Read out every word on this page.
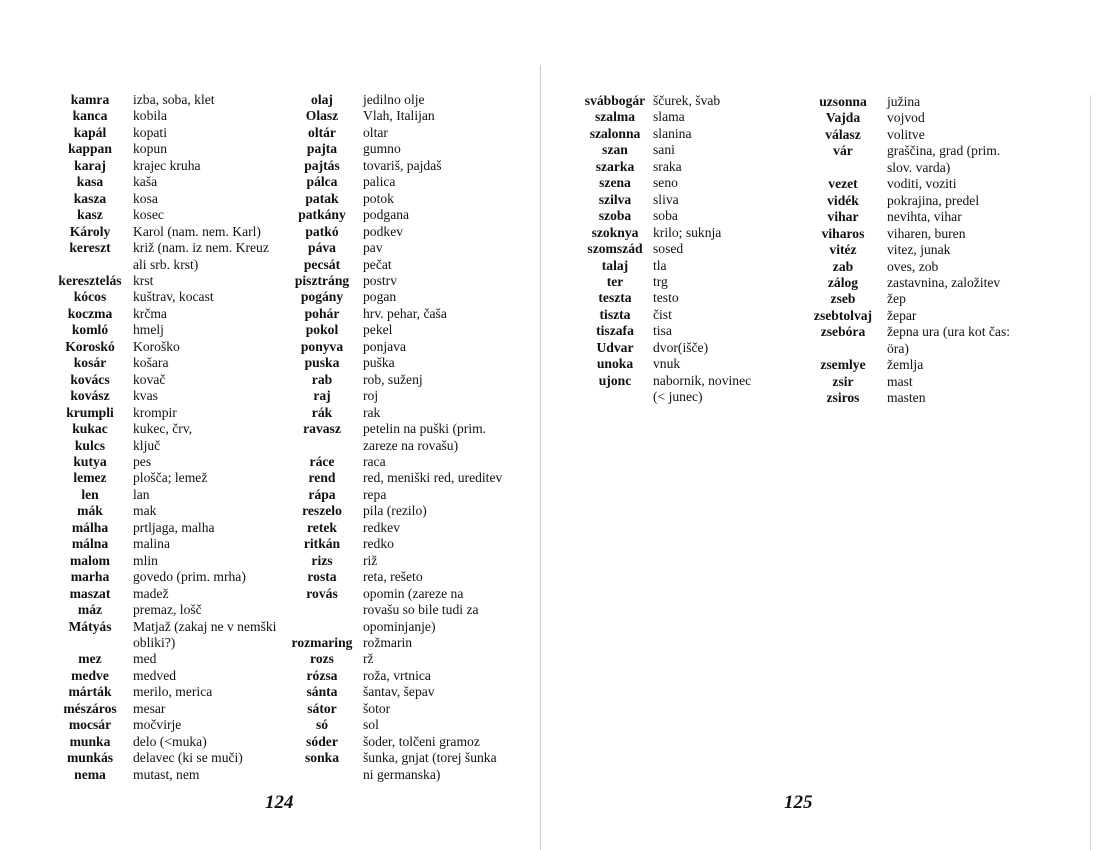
kamra	izba, soba, klet
kanca	kobila
kapál	kopati
kappan	kopun
karaj	krajec kruha
kasa	kaša
kasza	kosa
kasz	kosec
Károly	Karol (nam. nem. Karl)
kereszt	križ (nam. iz nem. Kreuz
ali srb. krst)
keresztelás krst
kócos	kuštrav, kocast
koczma	krčma
komló	hmelj
Koroskó	Koroško
kosár	košara
kovács	kovač
kovász	kvas
krumpli	krompir
kukac	kukec, črv,
kulcs	ključ
kutya	pes
lemez	plošča; lemež
len	lan
mák	mak
málha	prtljaga, malha
málna	malina
malom	mlin
marha	govedo (prim. mrha)
maszat	madež
máz	premaz, lošč
Mátyás	Matjaž (zakaj ne v nemški
obliki?)
mez	med
medve	medved
márták	merilo, merica
mészáros	mesar
mocsár	močvirje
munka	delo (<muka)
munkás	delavec (ki se muči)
nema	mutast, nem
olaj	jedilno olje
Olasz	Vlah, Italijan
oltár	oltar
pajta	gumno
pajtás	tovariš, pajdaš
pálca	palica
patak	potok
patkány	podgana
patkó	podkev
páva	pav
pecsát	pečat
pisztráng	postrv
pogány	pogan
pohár	hrv. pehar, čaša
pokol	pekel
ponyva	ponjava
puska	puška
rab	rob, suženj
raj	roj
rák	rak
ravasz	petelin na puški (prim.
zareze na rovašu)
ráce	raca
rend	red, meniški red, ureditev
rápa	repa
reszelo	pila (rezilo)
retek	redkev
ritkán	redko
rizs	riž
rosta	reta, rešeto
rovás	opomin (zareze na
rovašu so bile tudi za
opominjanje)
rozmaring rožmarin
rozs	rž
rózsa	roža, vrtnica
sánta	šantav, šepav
sátor	šotor
só	sol
sóder	šoder, tolčeni gramoz
sonka	šunka, gnjat (torej šunka
ni germanska)
124
svábbogár ščurek, švab
szalma	slama
szalonna slanina
szan	sani
szarka	sraka
szena	seno
szilva	sliva
szoba	soba
szoknya	krilo; suknja
szomszád sosed
talaj	tla
ter	trg
teszta	testo
tiszta	čist
tiszafa	tisa
Udvar	dvor(išče)
unoka	vnuk
ujonc	nabornik, novinec
(< junec)
uzsonna	južina
Vajda	vojvod
válasz	volitve
vár	graščina, grad (prim.
slov. varda)
vezet	voditi, voziti
vidék	pokrajina, predel
vihar	nevihta, vihar
viharos	viharen, buren
vitéz	vitez, junak
zab	oves, zob
zálog	zastavnina, založitev
zseb	žep
zsebtolvaj	žepar
zsebóra	žepna ura (ura kot čas:
öra)
zsemlye	žemlja
zsir	mast
zsiros	masten
125
